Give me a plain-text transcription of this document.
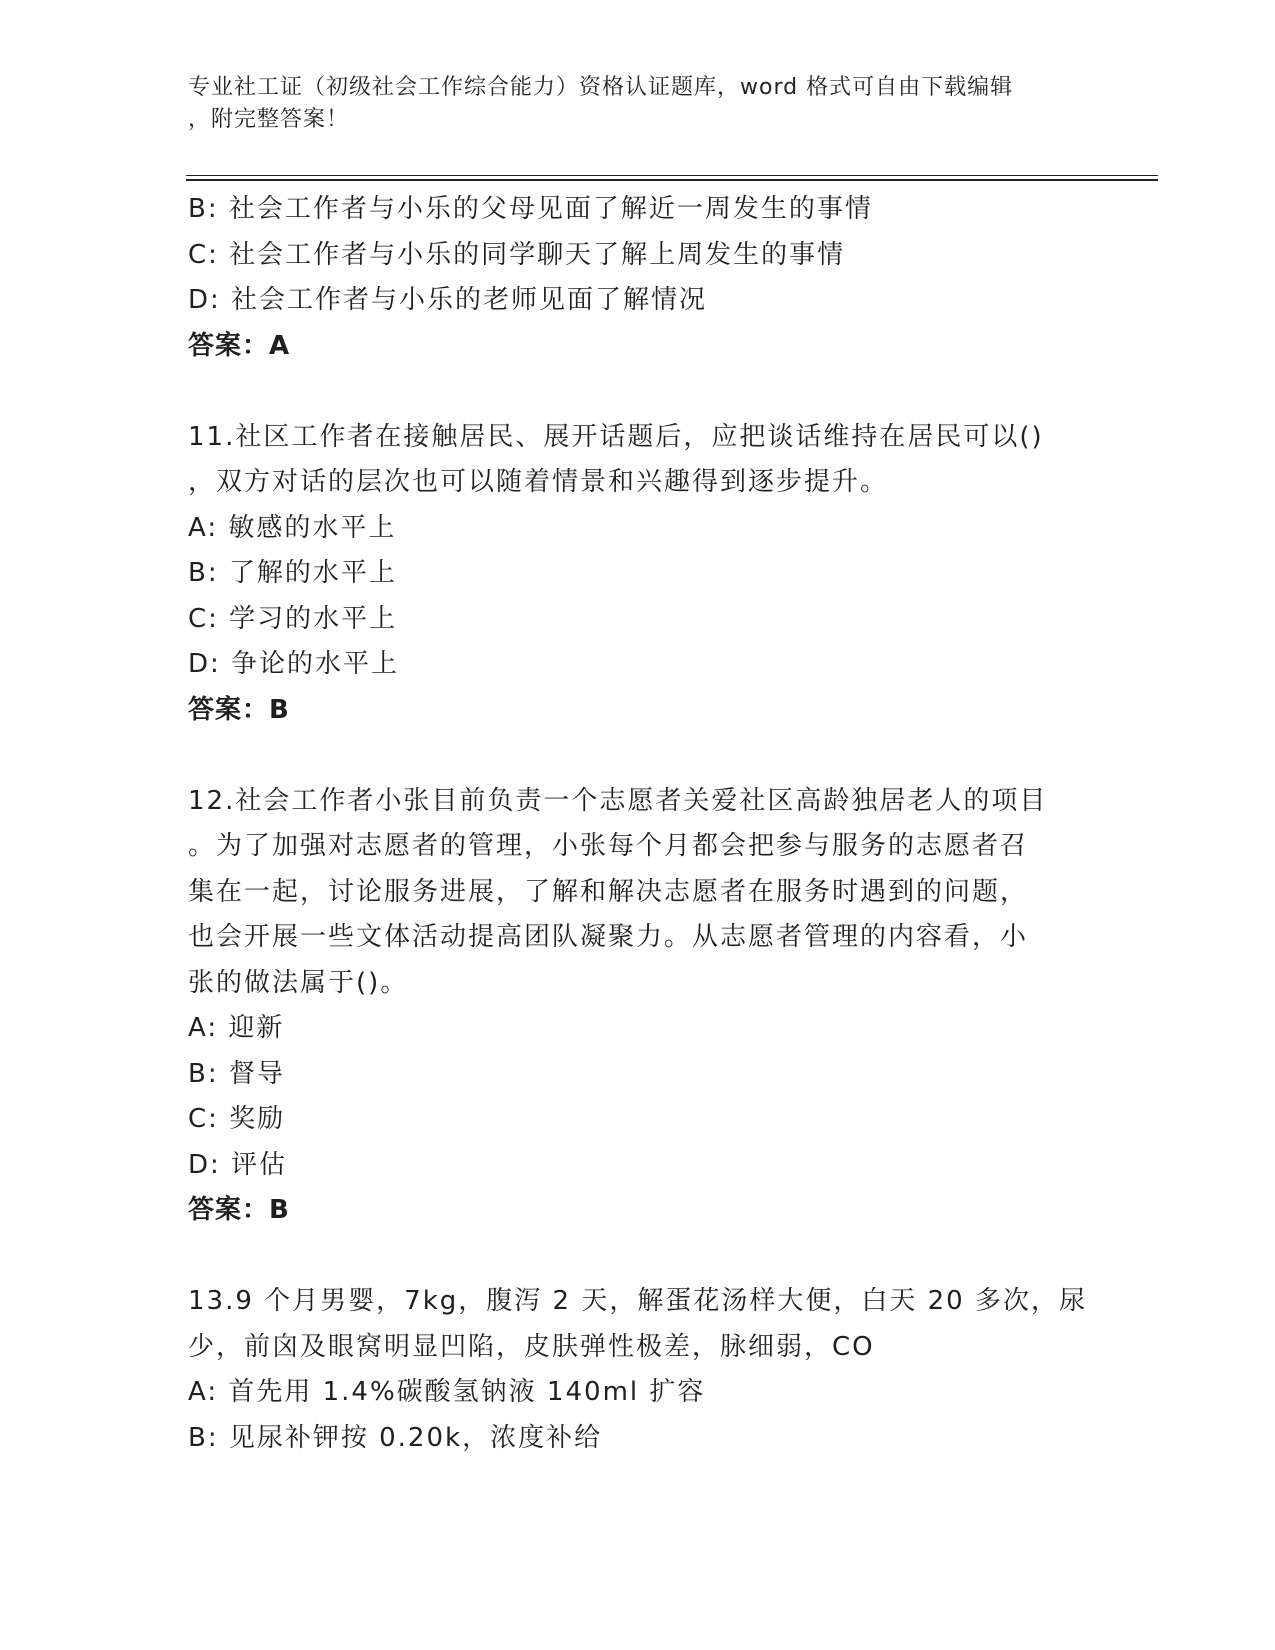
专业社工证（初级社会工作综合能力）资格认证题库，word 格式可自由下载编辑
，附完整答案！
B: 社会工作者与小乐的父母见面了解近一周发生的事情
C: 社会工作者与小乐的同学聊天了解上周发生的事情
D: 社会工作者与小乐的老师见面了解情况
答案：A
11.社区工作者在接触居民、展开话题后，应把谈话维持在居民可以()
，双方对话的层次也可以随着情景和兴趣得到逐步提升。
A: 敏感的水平上
B: 了解的水平上
C: 学习的水平上
D: 争论的水平上
答案：B
12.社会工作者小张目前负责一个志愿者关爱社区高龄独居老人的项目
。为了加强对志愿者的管理，小张每个月都会把参与服务的志愿者召
集在一起，讨论服务进展，了解和解决志愿者在服务时遇到的问题，
也会开展一些文体活动提高团队凝聚力。从志愿者管理的内容看，小
张的做法属于()。
A: 迎新
B: 督导
C: 奖励
D: 评估
答案：B
13.9 个月男婴，7kg，腹泻 2 天，解蛋花汤样大便，白天 20 多次，尿
少，前囟及眼窝明显凹陷，皮肤弹性极差，脉细弱，CO
A: 首先用 1.4%碳酸氢钠液 140ml 扩容
B: 见尿补钾按 0.20k，浓度补给
